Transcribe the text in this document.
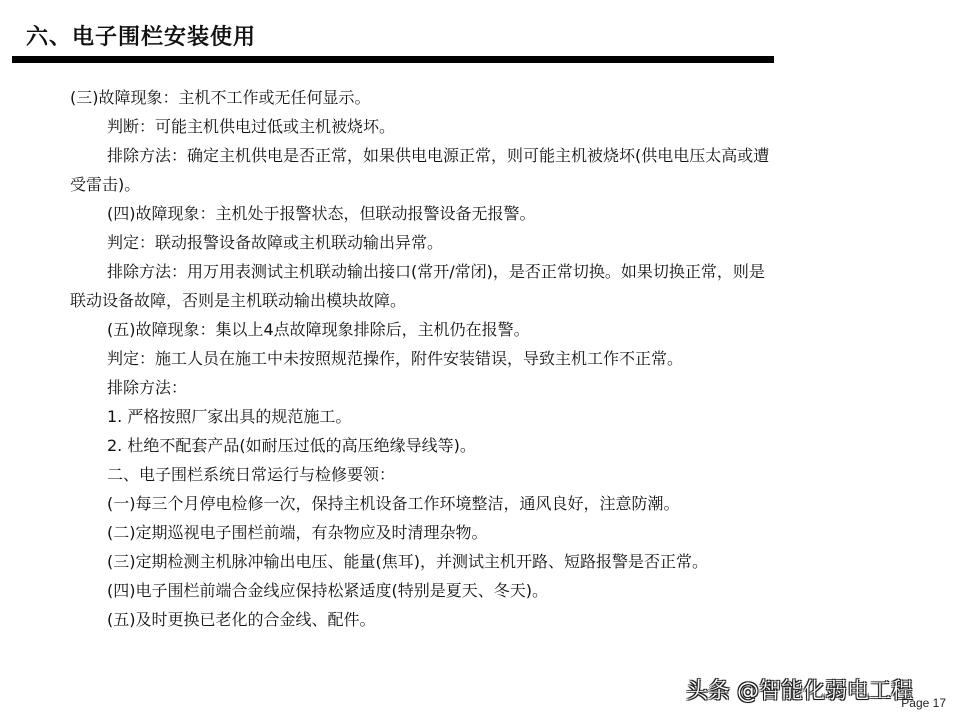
六、电子围栏安装使用
(三)故障现象：主机不工作或无任何显示。
判断：可能主机供电过低或主机被烧坏。
排除方法：确定主机供电是否正常，如果供电电源正常，则可能主机被烧坏(供电电压太高或遭
受雷击)。
(四)故障现象：主机处于报警状态，但联动报警设备无报警。
判定：联动报警设备故障或主机联动输出异常。
排除方法：用万用表测试主机联动输出接口(常开/常闭)，是否正常切换。如果切换正常，则是
联动设备故障，否则是主机联动输出模块故障。
(五)故障现象：集以上4点故障现象排除后，主机仍在报警。
判定：施工人员在施工中未按照规范操作，附件安装错误，导致主机工作不正常。
排除方法：
1. 严格按照厂家出具的规范施工。
2. 杜绝不配套产品(如耐压过低的高压绝缘导线等)。
二、电子围栏系统日常运行与检修要领：
(一)每三个月停电检修一次，保持主机设备工作环境整洁，通风良好，注意防潮。
(二)定期巡视电子围栏前端，有杂物应及时清理杂物。
(三)定期检测主机脉冲输出电压、能量(焦耳)，并测试主机开路、短路报警是否正常。
(四)电子围栏前端合金线应保持松紧适度(特别是夏天、冬天)。
(五)及时更换已老化的合金线、配件。
头条 @智能化弱电工程
Page 17
